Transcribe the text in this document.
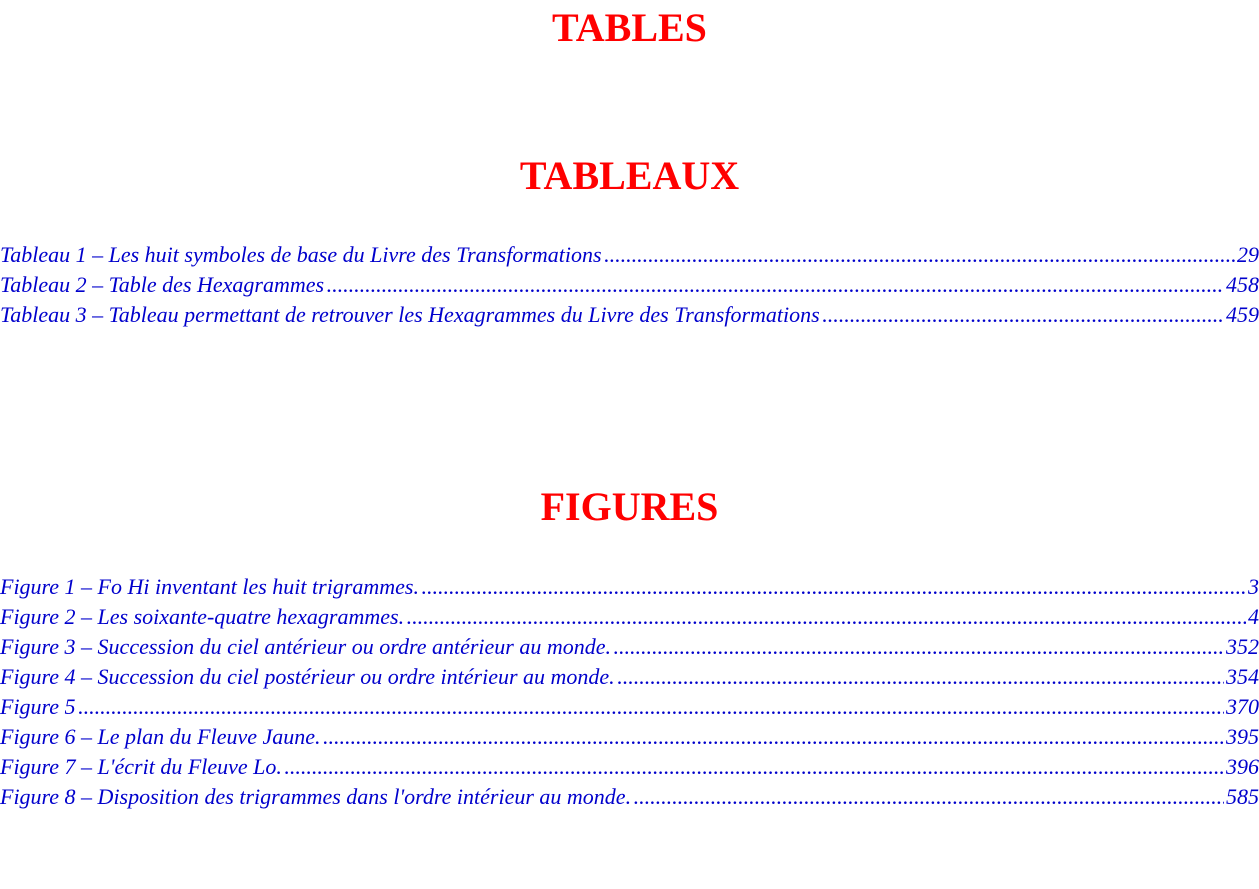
TABLES
TABLEAUX
Tableau 1 – Les huit symboles de base du Livre des Transformations .....	29
Tableau 2 – Table des Hexagrammes .....	458
Tableau 3 – Tableau permettant de retrouver les Hexagrammes du Livre des Transformations .....	459
FIGURES
Figure 1 – Fo Hi inventant les huit trigrammes. .....	3
Figure 2 – Les soixante-quatre hexagrammes. .....	4
Figure 3 – Succession du ciel antérieur ou ordre antérieur au monde. .....	352
Figure 4 – Succession du ciel postérieur ou ordre intérieur au monde. .....	354
Figure 5 .....	370
Figure 6 – Le plan du Fleuve Jaune. .....	395
Figure 7 – L'écrit du Fleuve Lo. .....	396
Figure 8 – Disposition des trigrammes dans l'ordre intérieur au monde. .....	585
